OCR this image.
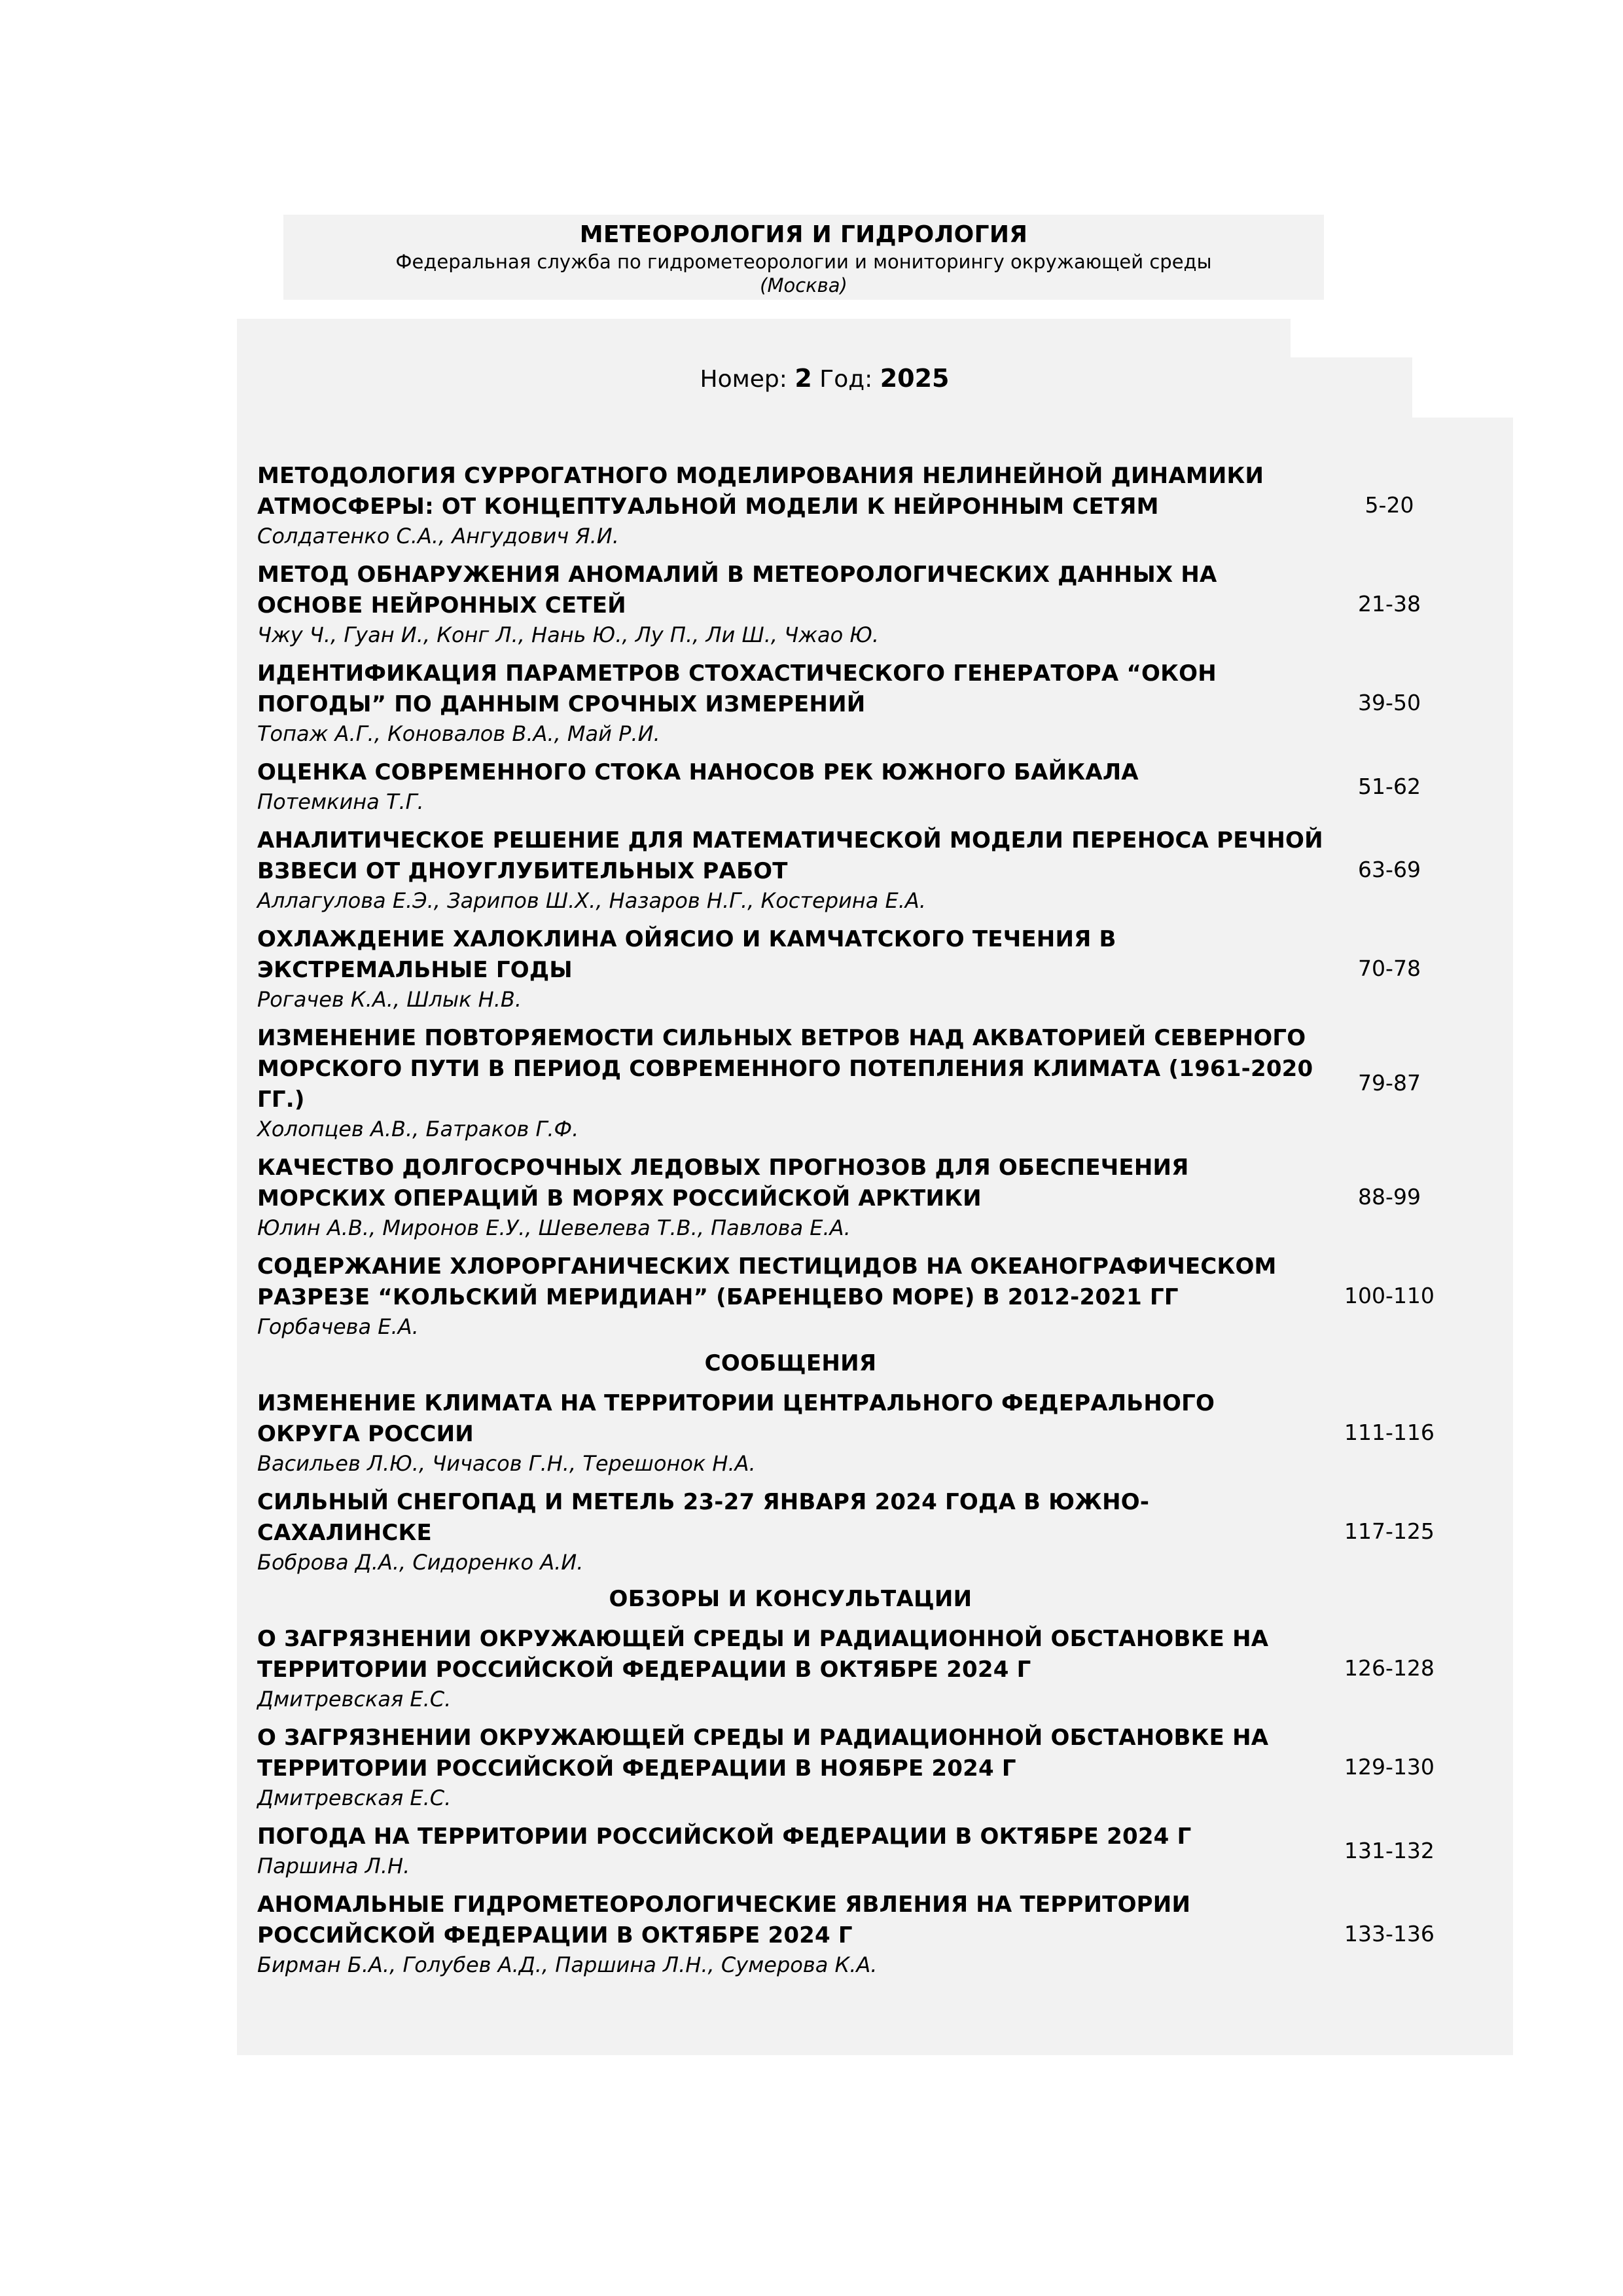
МЕТЕОРОЛОГИЯ И ГИДРОЛОГИЯ
Федеральная служба по гидрометеорологии и мониторингу окружающей среды
(Москва)
Номер: 2 Год: 2025
МЕТОДОЛОГИЯ СУРРОГАТНОГО МОДЕЛИРОВАНИЯ НЕЛИНЕЙНОЙ ДИНАМИКИ АТМОСФЕРЫ: ОТ КОНЦЕПТУАЛЬНОЙ МОДЕЛИ К НЕЙРОННЫМ СЕТЯМ
Солдатенко С.А., Ангудович Я.И.
5-20
МЕТОД ОБНАРУЖЕНИЯ АНОМАЛИЙ В МЕТЕОРОЛОГИЧЕСКИХ ДАННЫХ НА ОСНОВЕ НЕЙРОННЫХ СЕТЕЙ
Чжу Ч., Гуан И., Конг Л., Нань Ю., Лу П., Ли Ш., Чжао Ю.
21-38
ИДЕНТИФИКАЦИЯ ПАРАМЕТРОВ СТОХАСТИЧЕСКОГО ГЕНЕРАТОРА “ОКОН ПОГОДЫ” ПО ДАННЫМ СРОЧНЫХ ИЗМЕРЕНИЙ
Топаж А.Г., Коновалов В.А., Май Р.И.
39-50
ОЦЕНКА СОВРЕМЕННОГО СТОКА НАНОСОВ РЕК ЮЖНОГО БАЙКАЛА
Потемкина Т.Г.
51-62
АНАЛИТИЧЕСКОЕ РЕШЕНИЕ ДЛЯ МАТЕМАТИЧЕСКОЙ МОДЕЛИ ПЕРЕНОСА РЕЧНОЙ ВЗВЕСИ ОТ ДНОУГЛУБИТЕЛЬНЫХ РАБОТ
Аллагулова Е.Э., Зарипов Ш.Х., Назаров Н.Г., Костерина Е.А.
63-69
ОХЛАЖДЕНИЕ ХАЛОКЛИНА ОЙЯСИО И КАМЧАТСКОГО ТЕЧЕНИЯ В ЭКСТРЕМАЛЬНЫЕ ГОДЫ
Рогачев К.А., Шлык Н.В.
70-78
ИЗМЕНЕНИЕ ПОВТОРЯЕМОСТИ СИЛЬНЫХ ВЕТРОВ НАД АКВАТОРИЕЙ СЕВЕРНОГО МОРСКОГО ПУТИ В ПЕРИОД СОВРЕМЕННОГО ПОТЕПЛЕНИЯ КЛИМАТА (1961-2020 ГГ.)
Холопцев А.В., Батраков Г.Ф.
79-87
КАЧЕСТВО ДОЛГОСРОЧНЫХ ЛЕДОВЫХ ПРОГНОЗОВ ДЛЯ ОБЕСПЕЧЕНИЯ МОРСКИХ ОПЕРАЦИЙ В МОРЯХ РОССИЙСКОЙ АРКТИКИ
Юлин А.В., Миронов Е.У., Шевелева Т.В., Павлова Е.А.
88-99
СОДЕРЖАНИЕ ХЛОРОРГАНИЧЕСКИХ ПЕСТИЦИДОВ НА ОКЕАНОГРАФИЧЕСКОМ РАЗРЕЗЕ “КОЛЬСКИЙ МЕРИДИАН” (БАРЕНЦЕВО МОРЕ) В 2012-2021 ГГ
Горбачева Е.А.
100-110
СООБЩЕНИЯ
ИЗМЕНЕНИЕ КЛИМАТА НА ТЕРРИТОРИИ ЦЕНТРАЛЬНОГО ФЕДЕРАЛЬНОГО ОКРУГА РОССИИ
Васильев Л.Ю., Чичасов Г.Н., Терешонок Н.А.
111-116
СИЛЬНЫЙ СНЕГОПАД И МЕТЕЛЬ 23-27 ЯНВАРЯ 2024 ГОДА В ЮЖНО-САХАЛИНСКЕ
Боброва Д.А., Сидоренко А.И.
117-125
ОБЗОРЫ И КОНСУЛЬТАЦИИ
О ЗАГРЯЗНЕНИИ ОКРУЖАЮЩЕЙ СРЕДЫ И РАДИАЦИОННОЙ ОБСТАНОВКЕ НА ТЕРРИТОРИИ РОССИЙСКОЙ ФЕДЕРАЦИИ В ОКТЯБРЕ 2024 Г
Дмитревская Е.С.
126-128
О ЗАГРЯЗНЕНИИ ОКРУЖАЮЩЕЙ СРЕДЫ И РАДИАЦИОННОЙ ОБСТАНОВКЕ НА ТЕРРИТОРИИ РОССИЙСКОЙ ФЕДЕРАЦИИ В НОЯБРЕ 2024 Г
Дмитревская Е.С.
129-130
ПОГОДА НА ТЕРРИТОРИИ РОССИЙСКОЙ ФЕДЕРАЦИИ В ОКТЯБРЕ 2024 Г
Паршина Л.Н.
131-132
АНОМАЛЬНЫЕ ГИДРОМЕТЕОРОЛОГИЧЕСКИЕ ЯВЛЕНИЯ НА ТЕРРИТОРИИ РОССИЙСКОЙ ФЕДЕРАЦИИ В ОКТЯБРЕ 2024 Г
Бирман Б.А., Голубев А.Д., Паршина Л.Н., Сумерова К.А.
133-136
